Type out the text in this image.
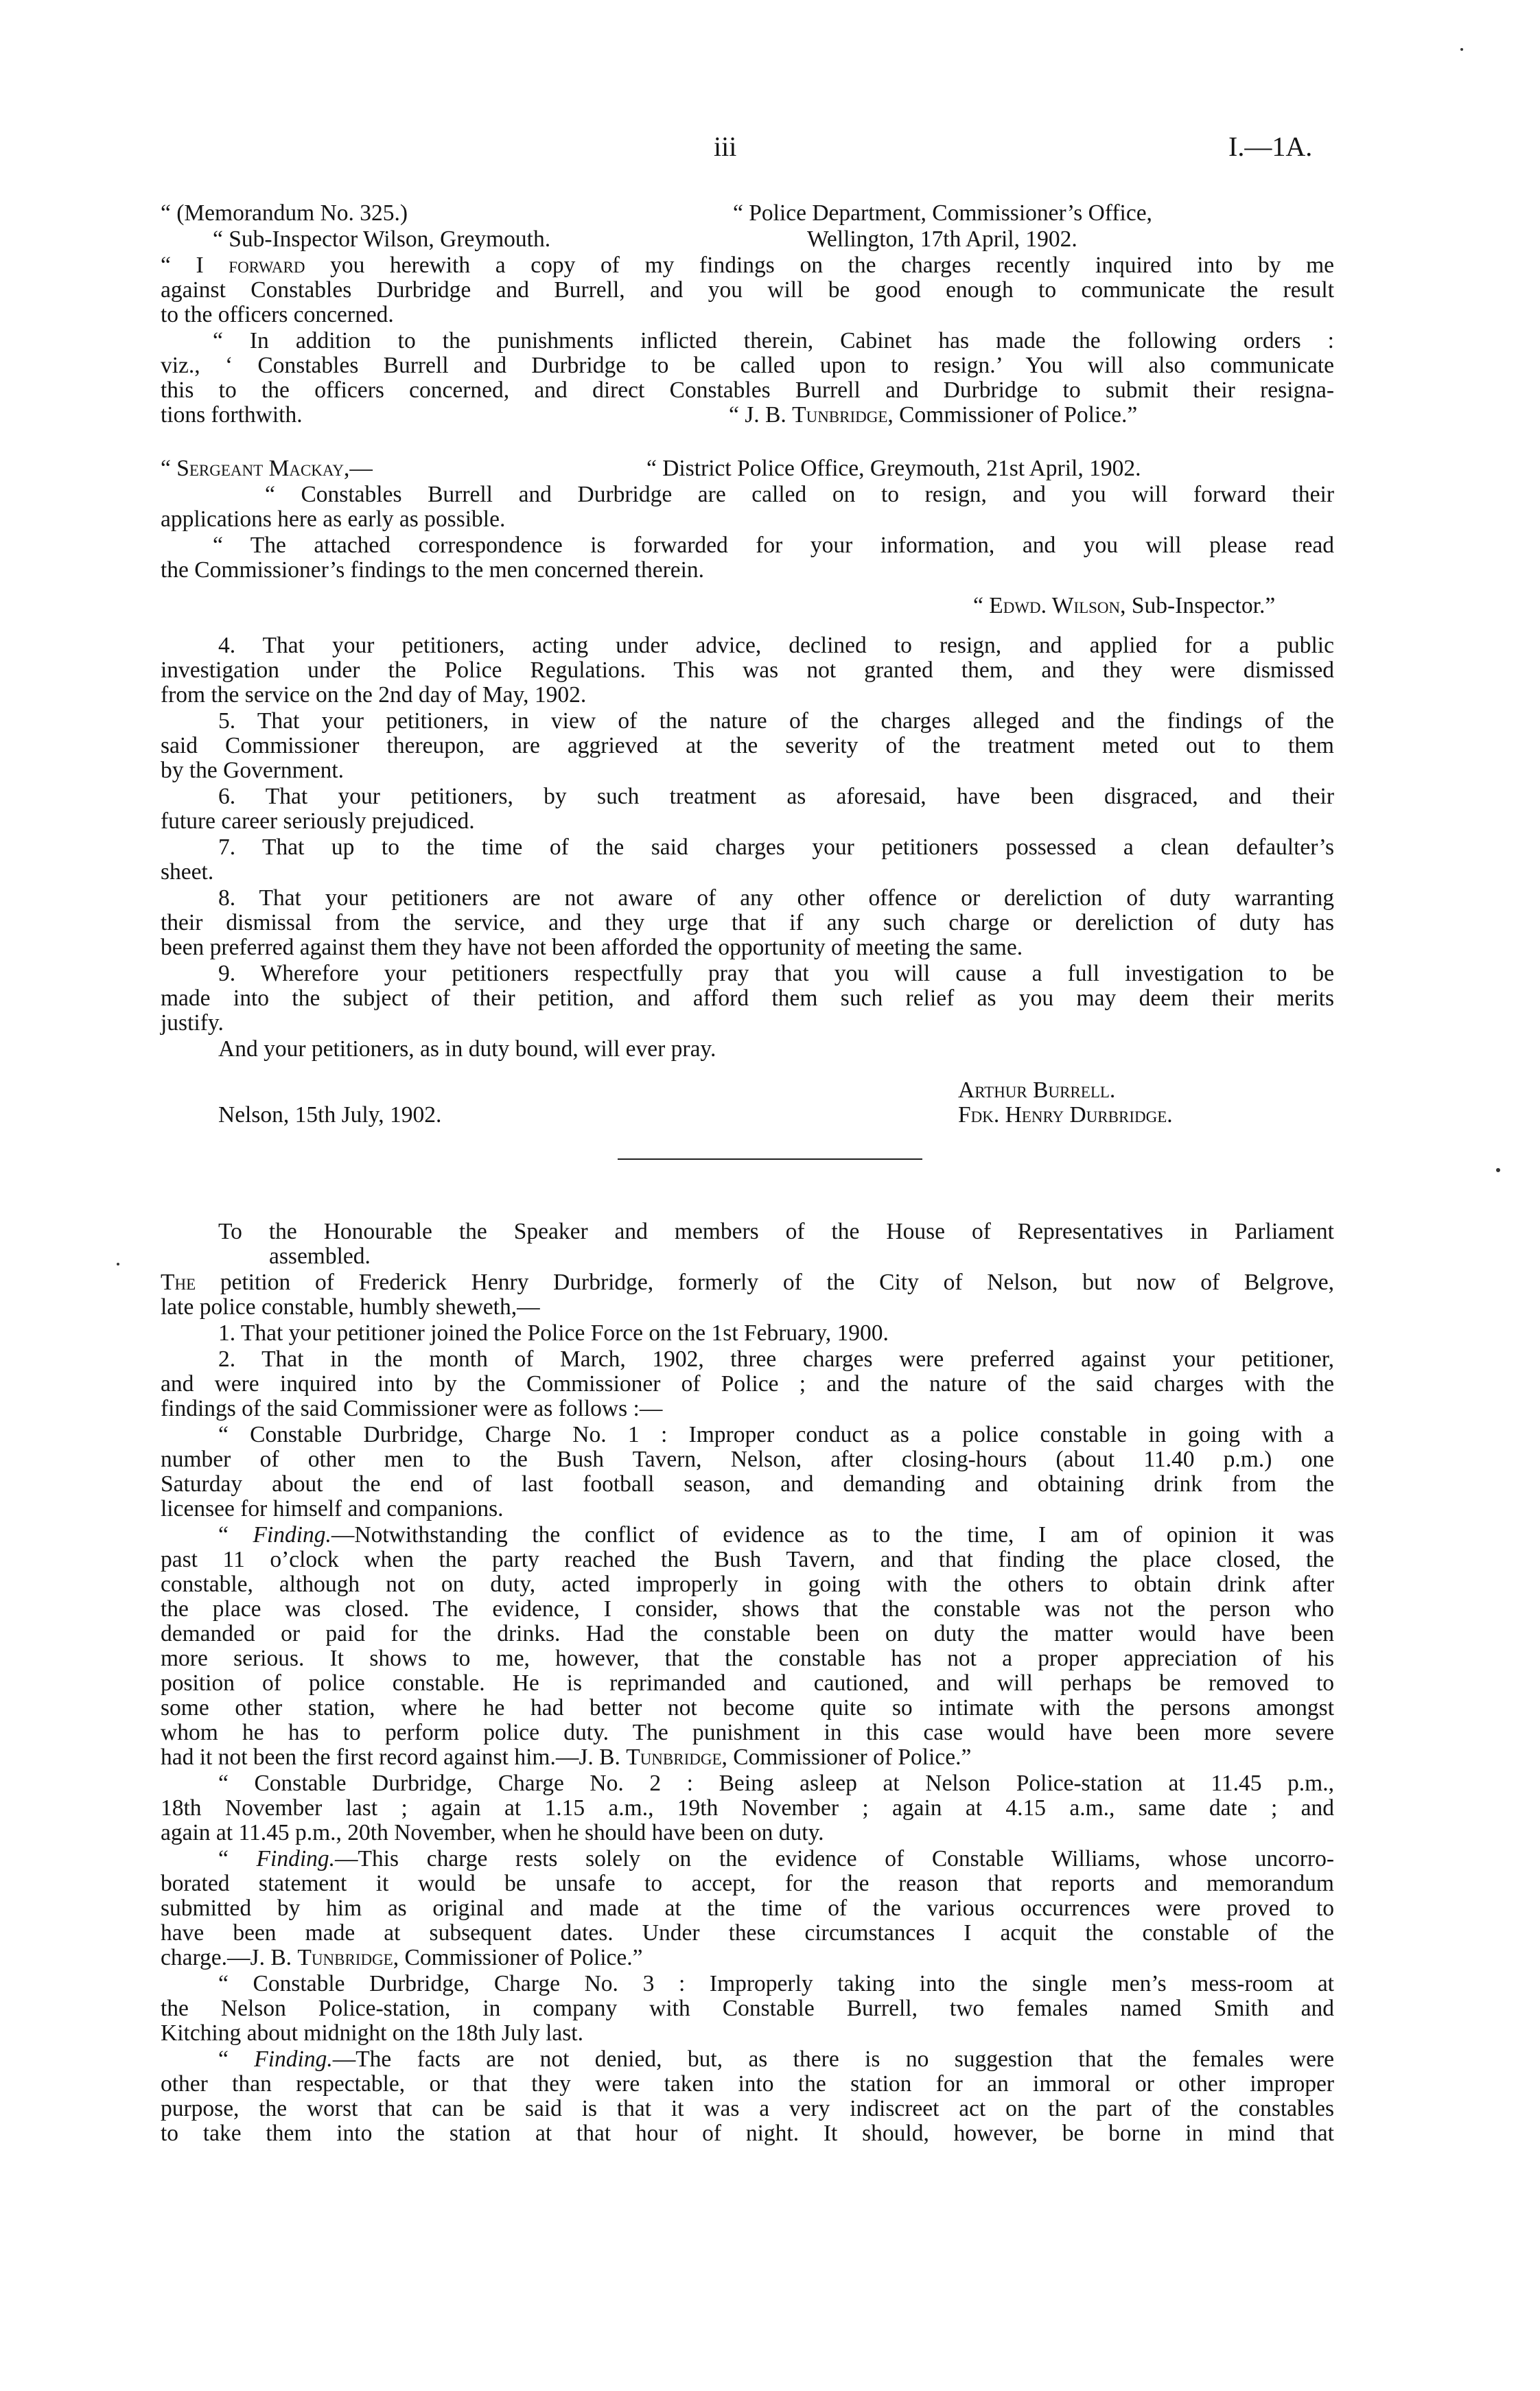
iii	I.—1A.
“ (Memorandum No. 325.)	“ Police Department, Commissioner’s Office,
“ Sub-Inspector Wilson, Greymouth.	Wellington, 17th April, 1902.
“ I forward you herewith a copy of my findings on the charges recently inquired into by me
against Constables Durbridge and Burrell, and you will be good enough to communicate the result
to the officers concerned.
“ In addition to the punishments inflicted therein, Cabinet has made the following orders :
viz., ‘ Constables Burrell and Durbridge to be called upon to resign.’ You will also communicate
this to the officers concerned, and direct Constables Burrell and Durbridge to submit their resigna-
tions forthwith.	“ J. B. Tunbridge, Commissioner of Police.”
“ Sergeant Mackay,—	“ District Police Office, Greymouth, 21st April, 1902.
“ Constables Burrell and Durbridge are called on to resign, and you will forward their
applications here as early as possible.
“ The attached correspondence is forwarded for your information, and you will please read
the Commissioner’s findings to the men concerned therein.
“ Edwd. Wilson, Sub-Inspector.”
4. That your petitioners, acting under advice, declined to resign, and applied for a public
investigation under the Police Regulations. This was not granted them, and they were dismissed
from the service on the 2nd day of May, 1902.
5. That your petitioners, in view of the nature of the charges alleged and the findings of the
said Commissioner thereupon, are aggrieved at the severity of the treatment meted out to them
by the Government.
6. That your petitioners, by such treatment as aforesaid, have been disgraced, and their
future career seriously prejudiced.
7. That up to the time of the said charges your petitioners possessed a clean defaulter’s
sheet.
8. That your petitioners are not aware of any other offence or dereliction of duty warranting
their dismissal from the service, and they urge that if any such charge or dereliction of duty has
been preferred against them they have not been afforded the opportunity of meeting the same.
9. Wherefore your petitioners respectfully pray that you will cause a full investigation to be
made into the subject of their petition, and afford them such relief as you may deem their merits
justify.
And your petitioners, as in duty bound, will ever pray.
Arthur Burrell.
Nelson, 15th July, 1902.	Fdk. Henry Durbridge.
To the Honourable the Speaker and members of the House of Representatives in Parliament
assembled.
The petition of Frederick Henry Durbridge, formerly of the City of Nelson, but now of Belgrove,
late police constable, humbly sheweth,—
1. That your petitioner joined the Police Force on the 1st February, 1900.
2. That in the month of March, 1902, three charges were preferred against your petitioner,
and were inquired into by the Commissioner of Police ; and the nature of the said charges with the
findings of the said Commissioner were as follows :—
“ Constable Durbridge, Charge No. 1 : Improper conduct as a police constable in going with a
number of other men to the Bush Tavern, Nelson, after closing-hours (about 11.40 p.m.) one
Saturday about the end of last football season, and demanding and obtaining drink from the
licensee for himself and companions.
“ Finding.—Notwithstanding the conflict of evidence as to the time, I am of opinion it was
past 11 o’clock when the party reached the Bush Tavern, and that finding the place closed, the
constable, although not on duty, acted improperly in going with the others to obtain drink after
the place was closed. The evidence, I consider, shows that the constable was not the person who
demanded or paid for the drinks. Had the constable been on duty the matter would have been
more serious. It shows to me, however, that the constable has not a proper appreciation of his
position of police constable. He is reprimanded and cautioned, and will perhaps be removed to
some other station, where he had better not become quite so intimate with the persons amongst
whom he has to perform police duty. The punishment in this case would have been more severe
had it not been the first record against him.—J. B. Tunbridge, Commissioner of Police.”
“ Constable Durbridge, Charge No. 2 : Being asleep at Nelson Police-station at 11.45 p.m.,
18th November last ; again at 1.15 a.m., 19th November ; again at 4.15 a.m., same date ; and
again at 11.45 p.m., 20th November, when he should have been on duty.
“ Finding.—This charge rests solely on the evidence of Constable Williams, whose uncorro-
borated statement it would be unsafe to accept, for the reason that reports and memorandum
submitted by him as original and made at the time of the various occurrences were proved to
have been made at subsequent dates. Under these circumstances I acquit the constable of the
charge.—J. B. Tunbridge, Commissioner of Police.”
“ Constable Durbridge, Charge No. 3 : Improperly taking into the single men’s mess-room at
the Nelson Police-station, in company with Constable Burrell, two females named Smith and
Kitching about midnight on the 18th July last.
“ Finding.—The facts are not denied, but, as there is no suggestion that the females were
other than respectable, or that they were taken into the station for an immoral or other improper
purpose, the worst that can be said is that it was a very indiscreet act on the part of the constables
to take them into the station at that hour of night. It should, however, be borne in mind that
